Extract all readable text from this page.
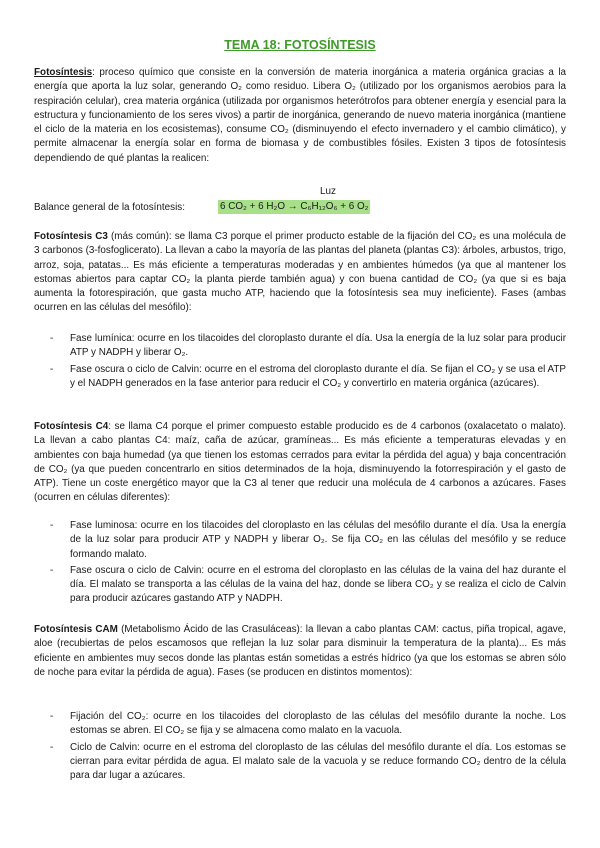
TEMA 18: FOTOSÍNTESIS

Fotosíntesis: proceso químico que consiste en la conversión de materia inorgánica a materia orgánica gracias a la energía que aporta la luz solar, generando O₂ como residuo. Libera O₂ (utilizado por los organismos aerobios para la respiración celular), crea materia orgánica (utilizada por organismos heterótrofos para obtener energía y esencial para la estructura y funcionamiento de los seres vivos) a partir de inorgánica, generando de nuevo materia inorgánica (mantiene el ciclo de la materia en los ecosistemas), consume CO₂ (disminuyendo el efecto invernadero y el cambio climático), y permite almacenar la energía solar en forma de biomasa y de combustibles fósiles. Existen 3 tipos de fotosíntesis dependiendo de qué plantas la realicen:

Luz
Balance general de la fotosíntesis:	6 CO₂ + 6 H₂O → C₆H₁₂O₆ + 6 O₂

Fotosíntesis C3 (más común): se llama C3 porque el primer producto estable de la fijación del CO₂ es una molécula de 3 carbonos (3-fosfoglicerato). La llevan a cabo la mayoría de las plantas del planeta (plantas C3): árboles, arbustos, trigo, arroz, soja, patatas... Es más eficiente a temperaturas moderadas y en ambientes húmedos (ya que al mantener los estomas abiertos para captar CO₂ la planta pierde también agua) y con buena cantidad de CO₂ (ya que si es baja aumenta la fotorespiración, que gasta mucho ATP, haciendo que la fotosíntesis sea muy ineficiente). Fases (ambas ocurren en las células del mesófilo):

- Fase lumínica: ocurre en los tilacoides del cloroplasto durante el día. Usa la energía de la luz solar para producir ATP y NADPH y liberar O₂.
- Fase oscura o ciclo de Calvin: ocurre en el estroma del cloroplasto durante el día. Se fijan el CO₂ y se usa el ATP y el NADPH generados en la fase anterior para reducir el CO₂ y convertirlo en materia orgánica (azúcares).

Fotosíntesis C4: se llama C4 porque el primer compuesto estable producido es de 4 carbonos (oxalacetato o malato). La llevan a cabo plantas C4: maíz, caña de azúcar, gramíneas... Es más eficiente a temperaturas elevadas y en ambientes con baja humedad (ya que tienen los estomas cerrados para evitar la pérdida del agua) y baja concentración de CO₂ (ya que pueden concentrarlo en sitios determinados de la hoja, disminuyendo la fotorrespiración y el gasto de ATP). Tiene un coste energético mayor que la C3 al tener que reducir una molécula de 4 carbonos a azúcares. Fases (ocurren en células diferentes):

- Fase luminosa: ocurre en los tilacoides del cloroplasto en las células del mesófilo durante el día. Usa la energía de la luz solar para producir ATP y NADPH y liberar O₂. Se fija CO₂ en las células del mesófilo y se reduce formando malato.
- Fase oscura o ciclo de Calvin: ocurre en el estroma del cloroplasto en las células de la vaina del haz durante el día. El malato se transporta a las células de la vaina del haz, donde se libera CO₂ y se realiza el ciclo de Calvin para producir azúcares gastando ATP y NADPH.

Fotosíntesis CAM (Metabolismo Ácido de las Crasuláceas): la llevan a cabo plantas CAM: cactus, piña tropical, agave, aloe (recubiertas de pelos escamosos que reflejan la luz solar para disminuir la temperatura de la planta)... Es más eficiente en ambientes muy secos donde las plantas están sometidas a estrés hídrico (ya que los estomas se abren sólo de noche para evitar la pérdida de agua). Fases (se producen en distintos momentos):

- Fijación del CO₂: ocurre en los tilacoides del cloroplasto de las células del mesófilo durante la noche. Los estomas se abren. El CO₂ se fija y se almacena como malato en la vacuola.
- Ciclo de Calvin: ocurre en el estroma del cloroplasto de las células del mesófilo durante el día. Los estomas se cierran para evitar pérdida de agua. El malato sale de la vacuola y se reduce formando CO₂ dentro de la célula para dar lugar a azúcares.
